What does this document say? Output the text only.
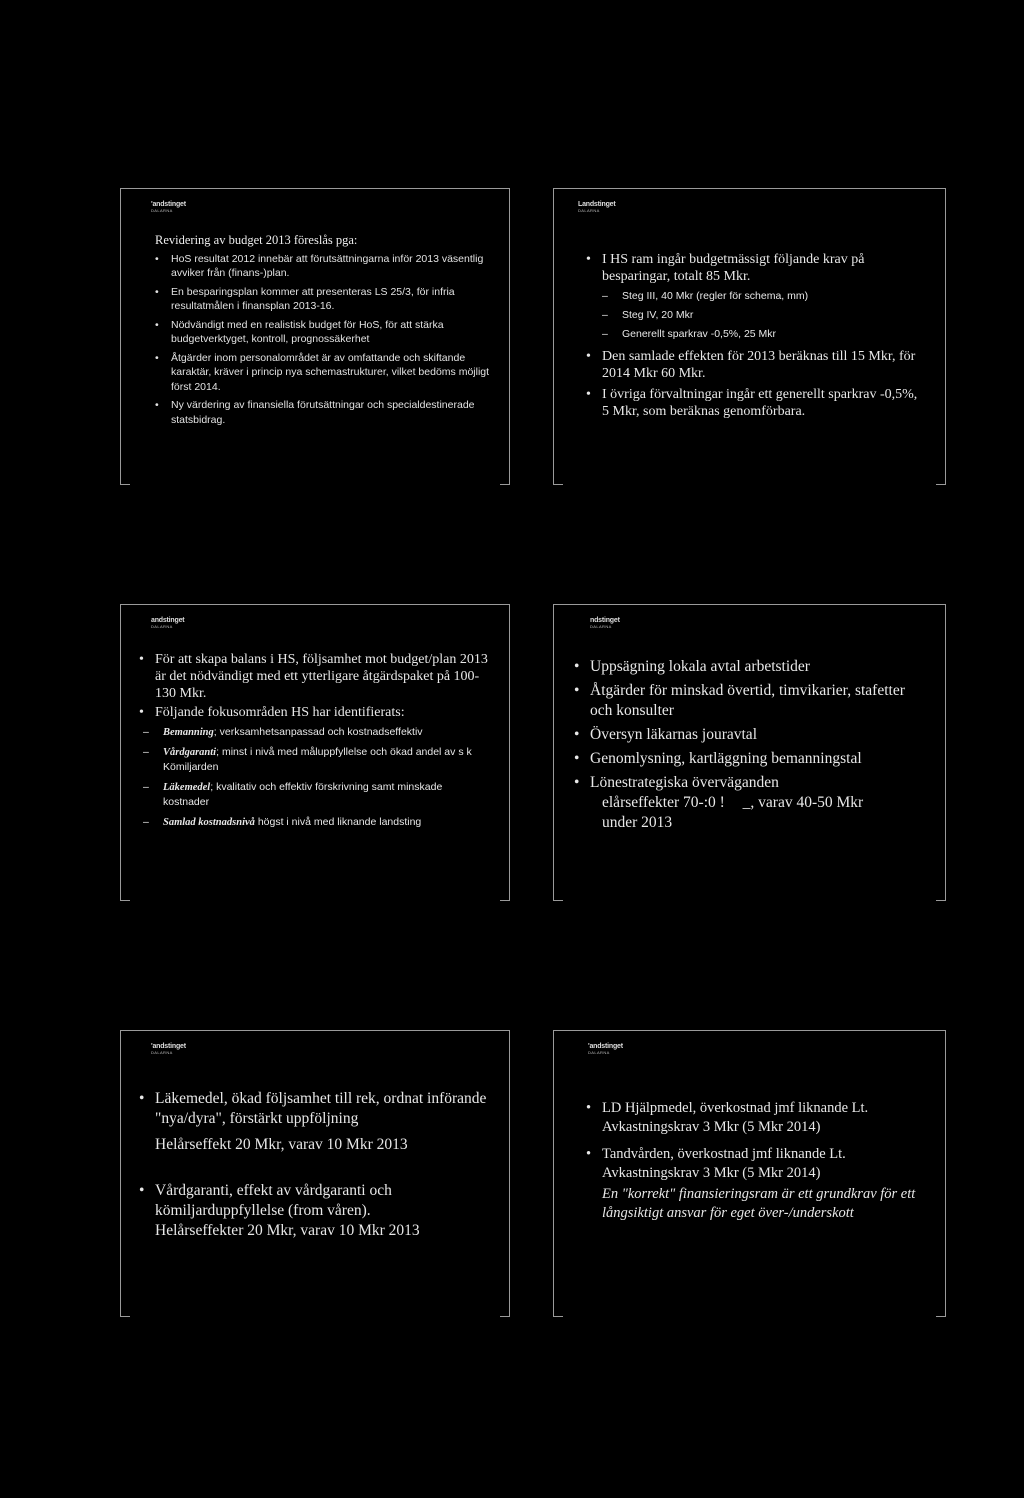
'andstinget
DALARNA
Revidering av budget 2013 föreslås pga:
• HoS resultat 2012 innebär att förutsättningarna inför 2013 väsentlig avviker från (finans-)plan.
• En besparingsplan kommer att presenteras LS 25/3, för infria resultatmålen i finansplan 2013-16.
• Nödvändigt med en realistisk budget för HoS, för att stärka budgetverktyget, kontroll, prognossäkerhet
• Åtgärder inom personalområdet är av omfattande och skiftande karaktär, kräver i princip nya schemastrukturer, vilket bedöms möjligt först 2014.
• Ny värdering av finansiella förutsättningar och specialdestinerade statsbidrag.
Landstinget
DALARNA
• I HS ram ingår budgetmässigt följande krav på besparingar, totalt 85 Mkr.
– Steg III, 40 Mkr (regler för schema, mm)
– Steg IV, 20 Mkr
– Generellt sparkrav -0,5%, 25 Mkr
• Den samlade effekten för 2013 beräknas till 15 Mkr, för 2014 Mkr 60 Mkr.
• I övriga förvaltningar ingår ett generellt sparkrav -0,5%, 5 Mkr, som beräknas genomförbara.
andstinget
DALARNA
• För att skapa balans i HS, följsamhet mot budget/plan 2013 är det nödvändigt med ett ytterligare åtgärdspaket på 100-130 Mkr.
• Följande fokusområden HS har identifierats:
– Bemanning; verksamhetsanpassad och kostnadseffektiv
– Vårdgaranti; minst i nivå med måluppfyllelse och ökad andel av s k Kömiljarden
– Läkemedel; kvalitativ och effektiv förskrivning samt minskade kostnader
– Samlad kostnadsnivå högst i nivå med liknande landsting
ndstinget
DALARNA
• Uppsägning lokala avtal arbetstider
• Åtgärder för minskad övertid, timvikarier, stafetter och konsulter
• Översyn läkarnas jouravtal
• Genomlysning, kartläggning bemanningstal
• Lönestrategiska överväganden
elårseffekter 70-:0 ! _, varav 40-50 Mkr
under 2013
'andstinget
DALARNA
• Läkemedel, ökad följsamhet till rek, ordnat införande "nya/dyra", förstärkt uppföljning
Helårseffekt 20 Mkr, varav 10 Mkr 2013
• Vårdgaranti, effekt av vårdgaranti och kömiljarduppfyllelse (from våren).
Helårseffekter 20 Mkr, varav 10 Mkr 2013
'andstinget
DALARNA
• LD Hjälpmedel, överkostnad jmf liknande Lt.
Avkastningskrav 3 Mkr (5 Mkr 2014)
• Tandvården, överkostnad jmf liknande Lt.
Avkastningskrav 3 Mkr (5 Mkr 2014)
En "korrekt" finansieringsram är ett grundkrav för ett långsiktigt ansvar för eget över-/underskott
